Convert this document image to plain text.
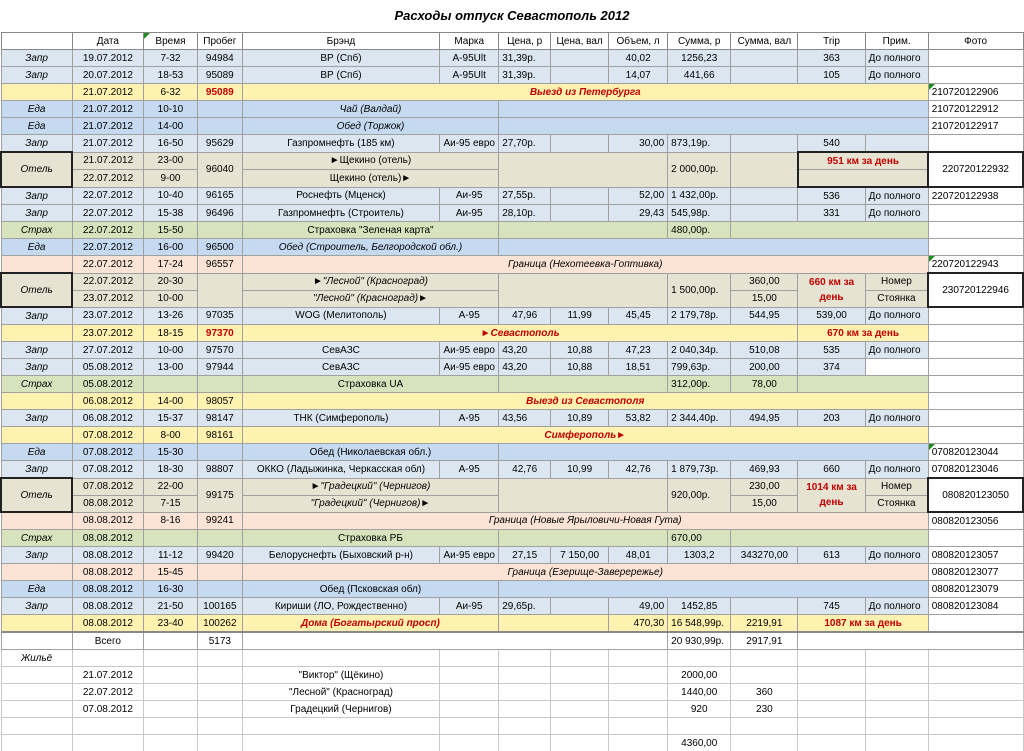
Расходы отпуск Севастополь 2012
	Дата	Время	Пробег	Брэнд	Марка	Цена, р	Цена, вал	Объем, л	Сумма, р	Сумма, вал	Trip	Прим.	Фото
Запр	19.07.2012	7-32	94984	ВР (Спб)	А-95Ult	31,39р.		40,02	1256,23		363	До полного	
Запр	20.07.2012	18-53	95089	ВР (Спб)	А-95Ult	31,39р.		14,07	441,66		105	До полного	
	21.07.2012	6-32	95089	Выезд из Петербурга									210720122906
Еда	21.07.2012	10-10		Чай (Валдай)									210720122912
Еда	21.07.2012	14-00		Обед (Торжок)									210720122917
Запр	21.07.2012	16-50	95629	Газпромнефть (185 км)	Аи-95 евро	27,70р.		30,00	873,19р.		540		
Отель	21.07.2012	23-00	96040	►Щекино (отель)					2 000,00р.		951 км за день		220720122932
	22.07.2012	9-00		Щекино (отель)►									
Запр	22.07.2012	10-40	96165	Роснефть (Мценск)	Аи-95	27,55р.		52,00	1 432,00р.		536	До полного	220720122938
Запр	22.07.2012	15-38	96496	Газпромнефть (Строитель)	Аи-95	28,10р.		29,43	545,98р.		331	До полного	
Страх	22.07.2012	15-50		Страховка "Зеленая карта"					480,00р.				
Еда	22.07.2012	16-00	96500	Обед (Строитель, Белгородской обл.)									
	22.07.2012	17-24	96557	Граница (Нехотеевка-Гоптивка)									220720122943
Отель	22.07.2012	20-30		►"Лесной" (Красноград)					1 500,00р.	360,00	660 км за день	Номер	230720122946
	23.07.2012	10-00		"Лесной" (Красноград)►						15,00		Стоянка	
Запр	23.07.2012	13-26	97035	WOG (Мелитополь)	А-95	47,96	11,99	45,45	2 179,78р.	544,95	539,00	До полного	
	23.07.2012	18-15	97370	►Севастополь							670 км за день		
Запр	27.07.2012	10-00	97570	СевАЗС	Аи-95 евро	43,20	10,88	47,23	2 040,34р.	510,08	535	До полного	
Запр	05.08.2012	13-00	97944	СевАЗС	Аи-95 евро	43,20	10,88	18,51	799,63р.	200,00	374		
Страх	05.08.2012			Страховка UA					312,00р.	78,00			
	06.08.2012	14-00	98057	Выезд из Севастополя									
Запр	06.08.2012	15-37	98147	ТНК (Симферополь)	А-95	43,56	10,89	53,82	2 344,40р.	494,95	203	До полного	
	07.08.2012	8-00	98161	Симферополь►									
Еда	07.08.2012	15-30		Обед (Николаевская обл.)									070820123044
Запр	07.08.2012	18-30	98807	ОККО (Ладыжинка, Черкасская обл)	А-95	42,76	10,99	42,76	1 879,73р.	469,93	660	До полного	070820123046
Отель	07.08.2012	22-00	99175	►"Градецкий" (Чернигов)					920,00р.	230,00	1014 км за день	Номер	080820123050
	08.08.2012	7-15		"Градецкий" (Чернигов)►						15,00		Стоянка	
	08.08.2012	8-16	99241	Граница (Новые Ярыловичи-Новая Гута)									080820123056
Страх	08.08.2012			Страховка РБ					670,00				
Запр	08.08.2012	11-12	99420	Белоруснефть (Быховский р-н)	Аи-95 евро	27,15	7 150,00	48,01	1303,2	343270,00	613	До полного	080820123057
	08.08.2012	15-45		Граница (Езерище-Заверережье)									080820123077
Еда	08.08.2012	16-30		Обед (Псковская обл)									080820123079
Запр	08.08.2012	21-50	100165	Кириши (ЛО, Рождественно)	Аи-95	29,65р.		49,00	1452,85		745	До полного	080820123084
	08.08.2012	23-40	100262	Дома (Богатырский просп)				470,30	16 548,99р.	2219,91	1087 км за день		
	Всего		5173						20 930,99р.	2917,91			
Жильё													
	21.07.2012			"Виктор" (Щёкино)					2000,00				
	22.07.2012			"Лесной" (Красноград)					1440,00	360			
	07.08.2012			Градецкий (Чернигов)					920	230			

									4360,00				
